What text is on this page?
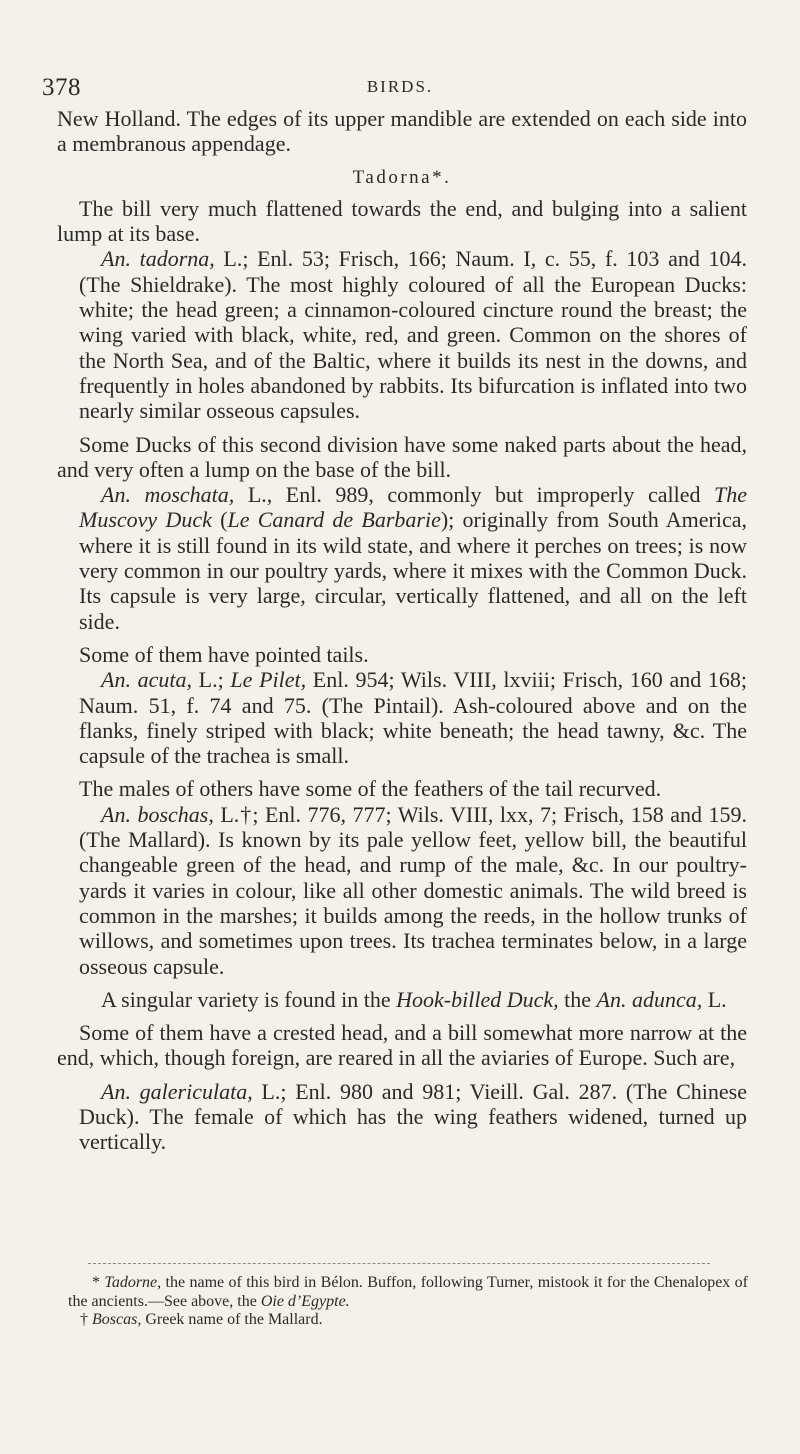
378	BIRDS.

New Holland. The edges of its upper mandible are extended on each side into a membranous appendage.

Tadorna*.

The bill very much flattened towards the end, and bulging into a salient lump at its base.

An. tadorna, L.; Enl. 53; Frisch, 166; Naum. I, c. 55, f. 103 and 104. (The Shieldrake). The most highly coloured of all the European Ducks: white; the head green; a cinnamon-coloured cincture round the breast; the wing varied with black, white, red, and green. Common on the shores of the North Sea, and of the Baltic, where it builds its nest in the downs, and frequently in holes abandoned by rabbits. Its bifurcation is inflated into two nearly similar osseous capsules.

Some Ducks of this second division have some naked parts about the head, and very often a lump on the base of the bill.

An. moschata, L., Enl. 989, commonly but improperly called The Muscovy Duck (Le Canard de Barbarie); originally from South America, where it is still found in its wild state, and where it perches on trees; is now very common in our poultry yards, where it mixes with the Common Duck. Its capsule is very large, circular, vertically flattened, and all on the left side.

Some of them have pointed tails.

An. acuta, L.; Le Pilet, Enl. 954; Wils. VIII, lxviii; Frisch, 160 and 168; Naum. 51, f. 74 and 75. (The Pintail). Ash-coloured above and on the flanks, finely striped with black; white beneath; the head tawny, &c. The capsule of the trachea is small.

The males of others have some of the feathers of the tail recurved.

An. boschas, L.†; Enl. 776, 777; Wils. VIII, lxx, 7; Frisch, 158 and 159. (The Mallard). Is known by its pale yellow feet, yellow bill, the beautiful changeable green of the head, and rump of the male, &c. In our poultry-yards it varies in colour, like all other domestic animals. The wild breed is common in the marshes; it builds among the reeds, in the hollow trunks of willows, and sometimes upon trees. Its trachea terminates below, in a large osseous capsule.

A singular variety is found in the Hook-billed Duck, the An. adunca, L.

Some of them have a crested head, and a bill somewhat more narrow at the end, which, though foreign, are reared in all the aviaries of Europe. Such are,

An. galericulata, L.; Enl. 980 and 981; Vieill. Gal. 287. (The Chinese Duck). The female of which has the wing feathers widened, turned up vertically.

* Tadorne, the name of this bird in Bélon. Buffon, following Turner, mistook it for the Chenalopex of the ancients.—See above, the Oie d’Egypte.

† Boscas, Greek name of the Mallard.
